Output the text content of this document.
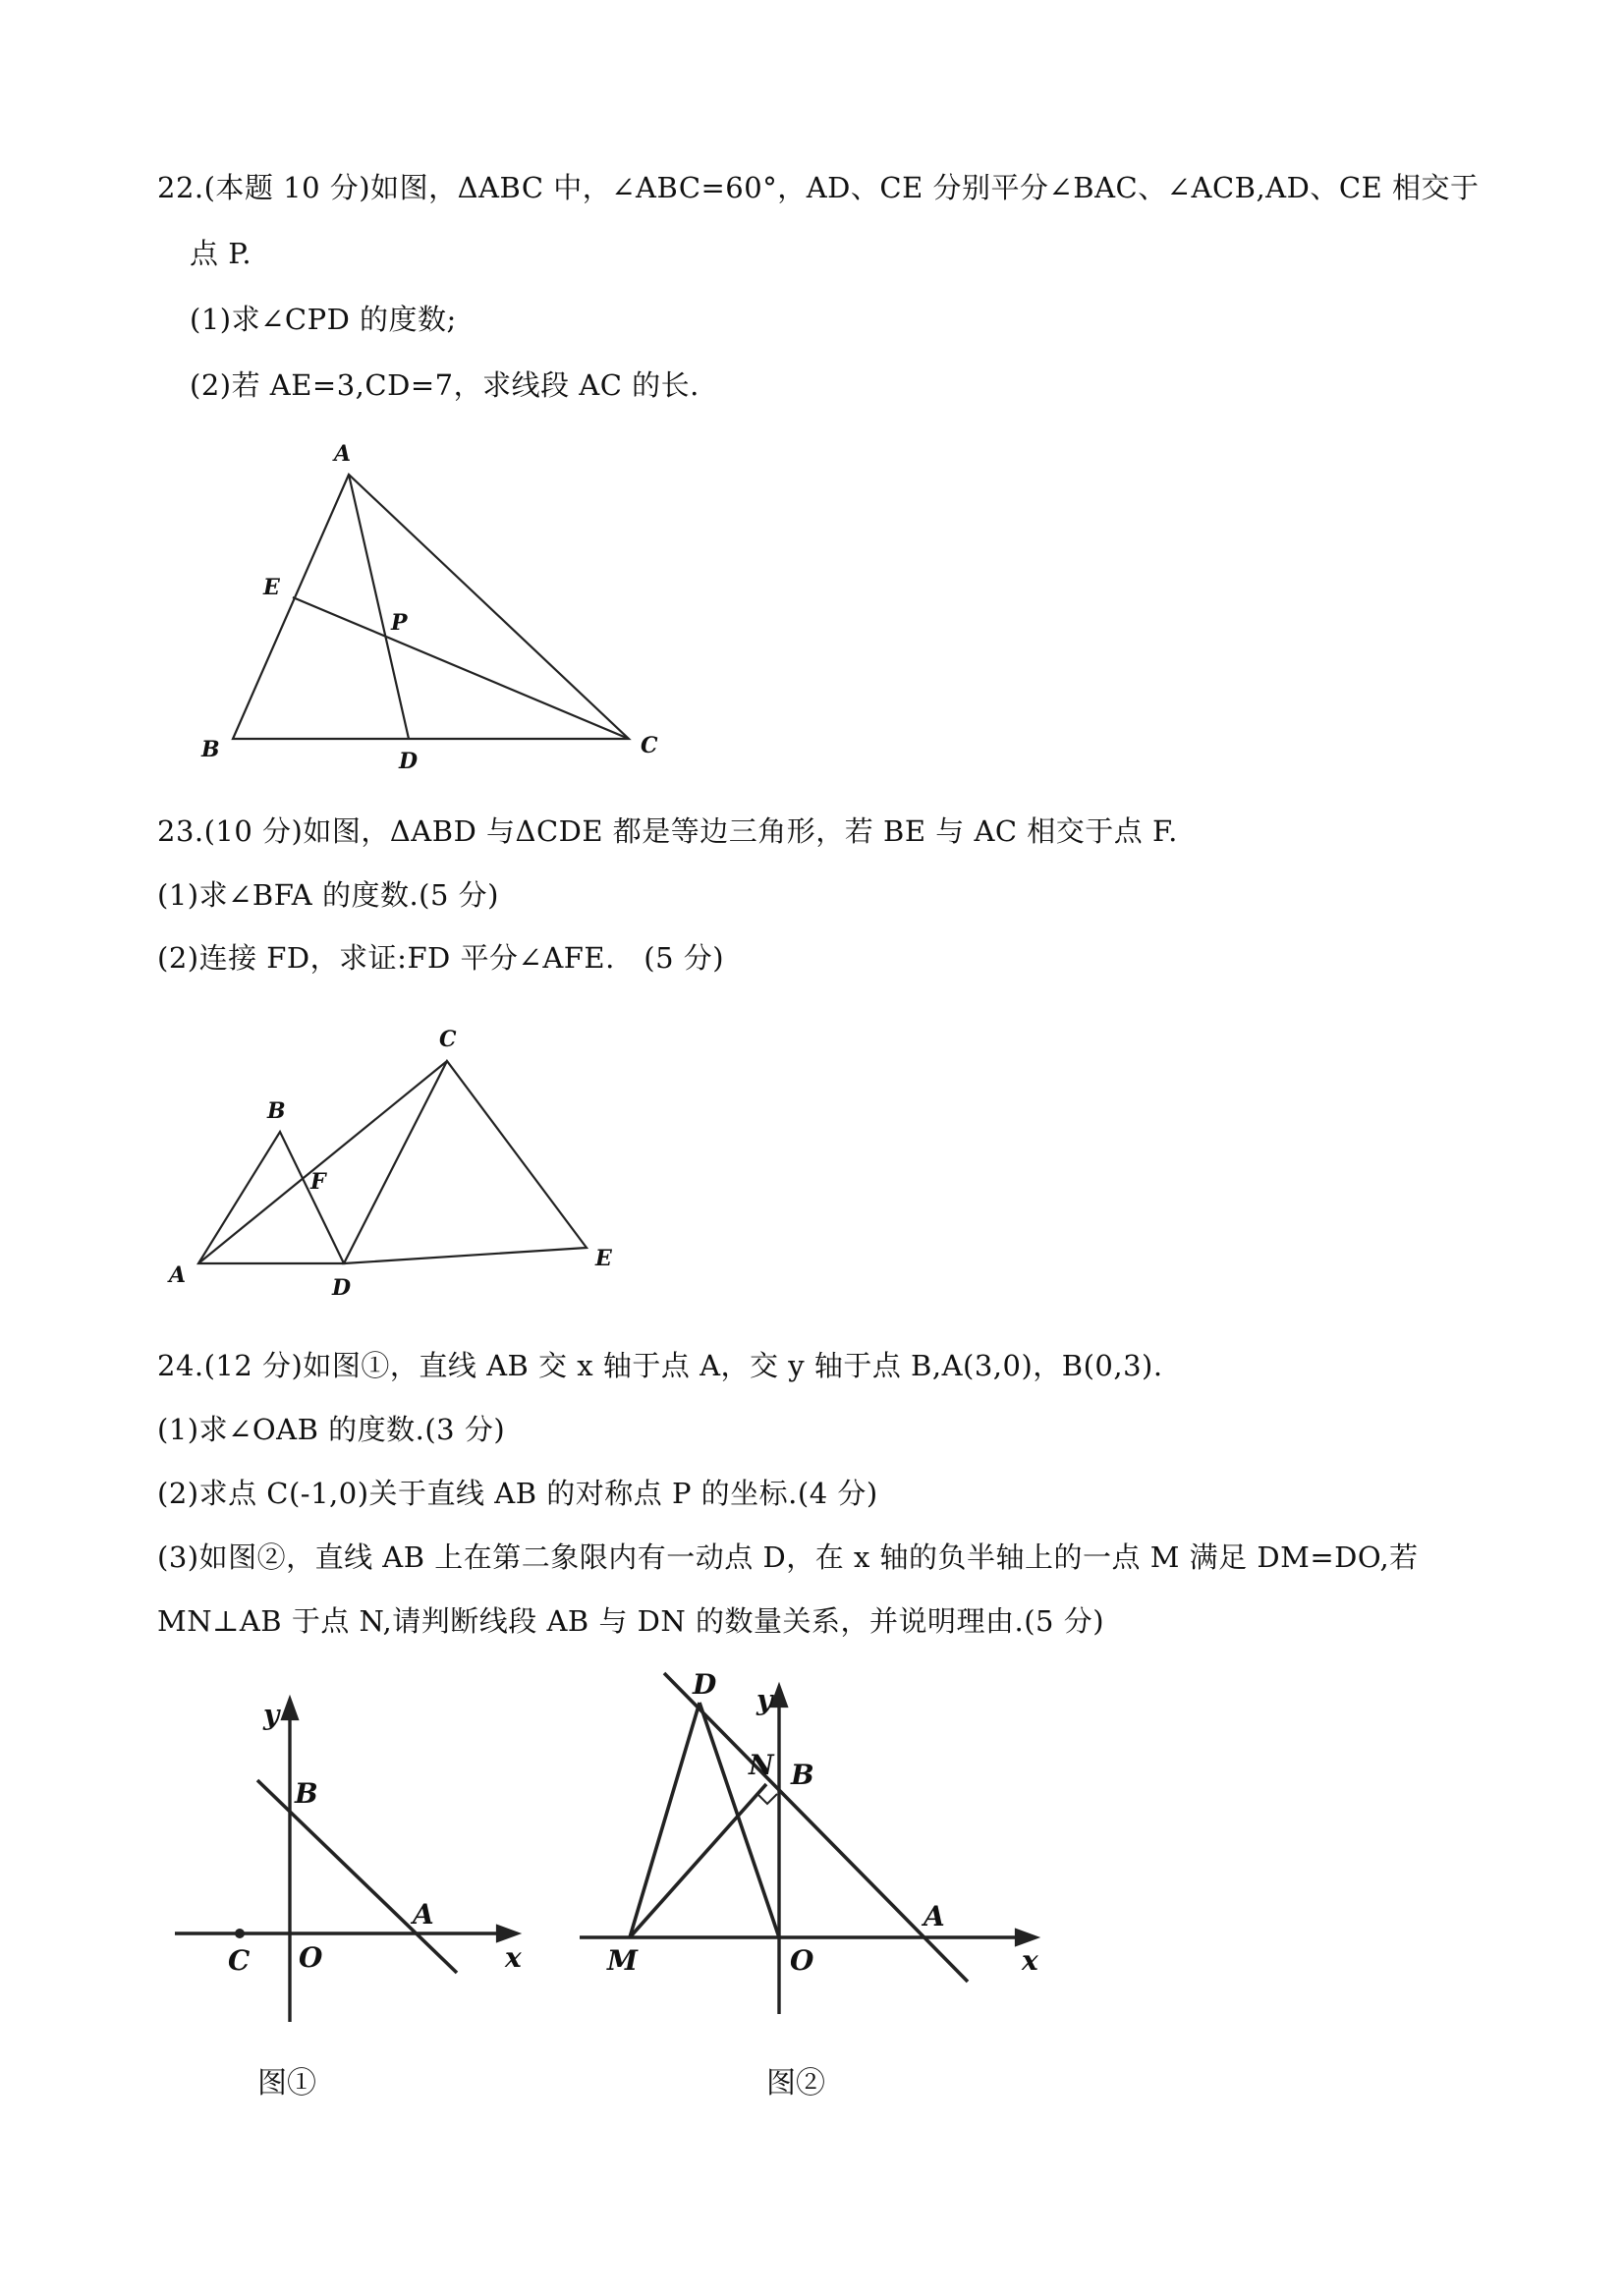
22.(本题 10 分)如图，ΔABC 中，∠ABC=60°，AD、CE 分别平分∠BAC、∠ACB,AD、CE 相交于
点 P.
(1)求∠CPD 的度数;
(2)若 AE=3,CD=7，求线段 AC 的长.
A
E
P
B	D
C
23.(10 分)如图，ΔABD 与ΔCDE 都是等边三角形，若 BE 与 AC 相交于点 F.
(1)求∠BFA 的度数.(5 分)
(2)连接 FD，求证:FD 平分∠AFE.　(5 分)
C
B
F
A	D
E
24.(12 分)如图①，直线 AB 交 x 轴于点 A，交 y 轴于点 B,A(3,0)，B(0,3).
(1)求∠OAB 的度数.(3 分)
(2)求点 C(-1,0)关于直线 AB 的对称点 P 的坐标.(4 分)
(3)如图②，直线 AB 上在第二象限内有一动点 D，在 x 轴的负半轴上的一点 M 满足 DM=DO,若
MN⊥AB 于点 N,请判断线段 AB 与 DN 的数量关系，并说明理由.(5 分)
y
B
A
C O	x
图①
D y
N B
A
M	O	x
图②
